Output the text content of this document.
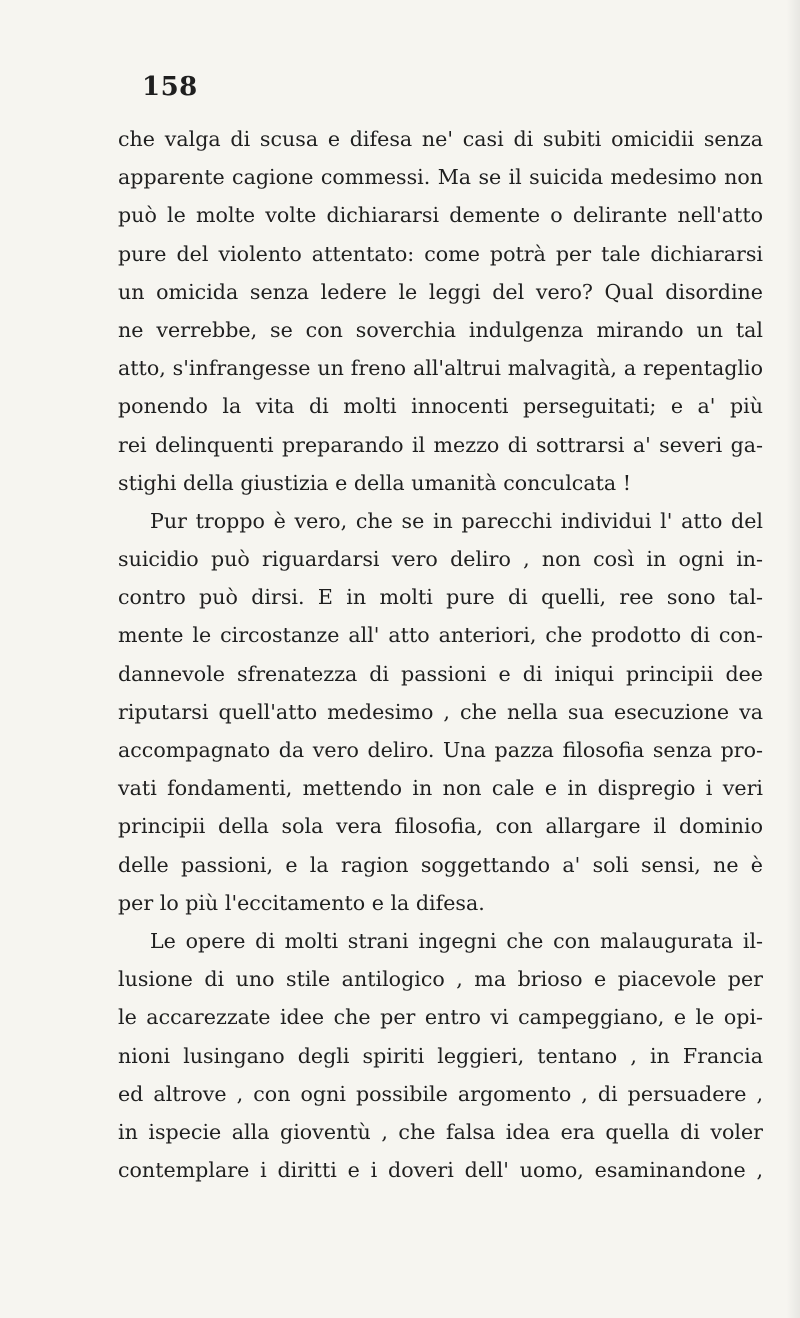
158
che valga di scusa e difesa ne' casi di subiti omicidii senza
apparente cagione commessi. Ma se il suicida medesimo non
può le molte volte dichiararsi demente o delirante nell'atto
pure del violento attentato: come potrà per tale dichiararsi
un omicida senza ledere le leggi del vero? Qual disordine
ne verrebbe, se con soverchia indulgenza mirando un tal
atto, s'infrangesse un freno all'altrui malvagità, a repentaglio
ponendo la vita di molti innocenti perseguitati; e a' più
rei delinquenti preparando il mezzo di sottrarsi a' severi ga-
stighi della giustizia e della umanità conculcata !
Pur troppo è vero, che se in parecchi individui l' atto del
suicidio può riguardarsi vero deliro , non così in ogni in-
contro può dirsi. E in molti pure di quelli, ree sono tal-
mente le circostanze all' atto anteriori, che prodotto di con-
dannevole sfrenatezza di passioni e di iniqui principii dee
riputarsi quell'atto medesimo , che nella sua esecuzione va
accompagnato da vero deliro. Una pazza filosofia senza pro-
vati fondamenti, mettendo in non cale e in dispregio i veri
principii della sola vera filosofia, con allargare il dominio
delle passioni, e la ragion soggettando a' soli sensi, ne è
per lo più l'eccitamento e la difesa.
Le opere di molti strani ingegni che con malaugurata il-
lusione di uno stile antilogico , ma brioso e piacevole per
le accarezzate idee che per entro vi campeggiano, e le opi-
nioni lusingano degli spiriti leggieri, tentano , in Francia
ed altrove , con ogni possibile argomento , di persuadere ,
in ispecie alla gioventù , che falsa idea era quella di voler
contemplare i diritti e i doveri dell' uomo, esaminandone ,
